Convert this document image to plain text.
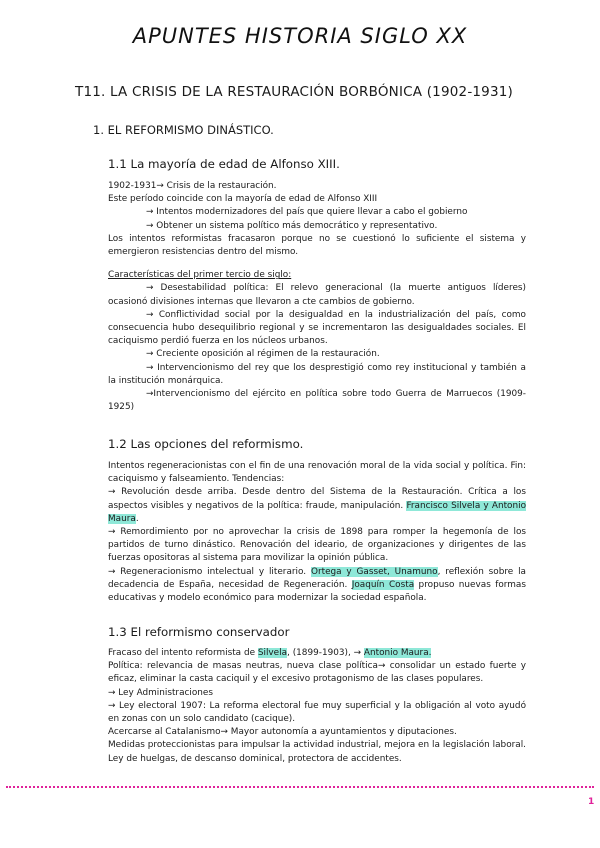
APUNTES HISTORIA SIGLO XX
T11. LA CRISIS DE LA RESTAURACIÓN BORBÓNICA (1902-1931)
1. EL REFORMISMO DINÁSTICO.
1.1 La mayoría de edad de Alfonso XIII.

1902-1931→ Crisis de la restauración.

Este período coincide con la mayoría de edad de Alfonso XIII

→ Intentos modernizadores del país que quiere llevar a cabo el gobierno

→ Obtener un sistema político más democrático y representativo.

Los intentos reformistas fracasaron porque no se cuestionó lo suficiente el sistema y emergieron resistencias dentro del mismo.

Características del primer tercio de siglo:

→ Desestabilidad política: El relevo generacional (la muerte antiguos líderes) ocasionó divisiones internas que llevaron a cte cambios de gobierno.

→ Conflictividad social por la desigualdad en la industrialización del país, como consecuencia hubo desequilibrio regional y se incrementaron las desigualdades sociales. El caciquismo perdió fuerza en los núcleos urbanos.

→ Creciente oposición al régimen de la restauración.

→ Intervencionismo del rey que los desprestigió como rey institucional y también a la institución monárquica.

→Intervencionismo del ejército en política sobre todo Guerra de Marruecos (1909-1925)

1.2 Las opciones del reformismo.

Intentos regeneracionistas con el fin de una renovación moral de la vida social y política. Fin: caciquismo y falseamiento. Tendencias:

→ Revolución desde arriba. Desde dentro del Sistema de la Restauración. Crítica a los aspectos visibles y negativos de la política: fraude, manipulación. Francisco Silvela y Antonio Maura.

→ Remordimiento por no aprovechar la crisis de 1898 para romper la hegemonía de los partidos de turno dinástico. Renovación del ideario, de organizaciones y dirigentes de las fuerzas opositoras al sistema para movilizar la opinión pública.

→ Regeneracionismo intelectual y literario. Ortega y Gasset, Unamuno, reflexión sobre la decadencia de España, necesidad de Regeneración. Joaquín Costa propuso nuevas formas educativas y modelo económico para modernizar la sociedad española.

1.3 El reformismo conservador

Fracaso del intento reformista de Silvela, (1899-1903), → Antonio Maura.

Política: relevancia de masas neutras, nueva clase política→ consolidar un estado fuerte y eficaz, eliminar la casta caciquil y el excesivo protagonismo de las clases populares.

→ Ley Administraciones

→ Ley electoral 1907: La reforma electoral fue muy superficial y la obligación al voto ayudó en zonas con un solo candidato (cacique).

Acercarse al Catalanismo→ Mayor autonomía a ayuntamientos y diputaciones.

Medidas proteccionistas para impulsar la actividad industrial, mejora en la legislación laboral. Ley de huelgas, de descanso dominical, protectora de accidentes.

1
